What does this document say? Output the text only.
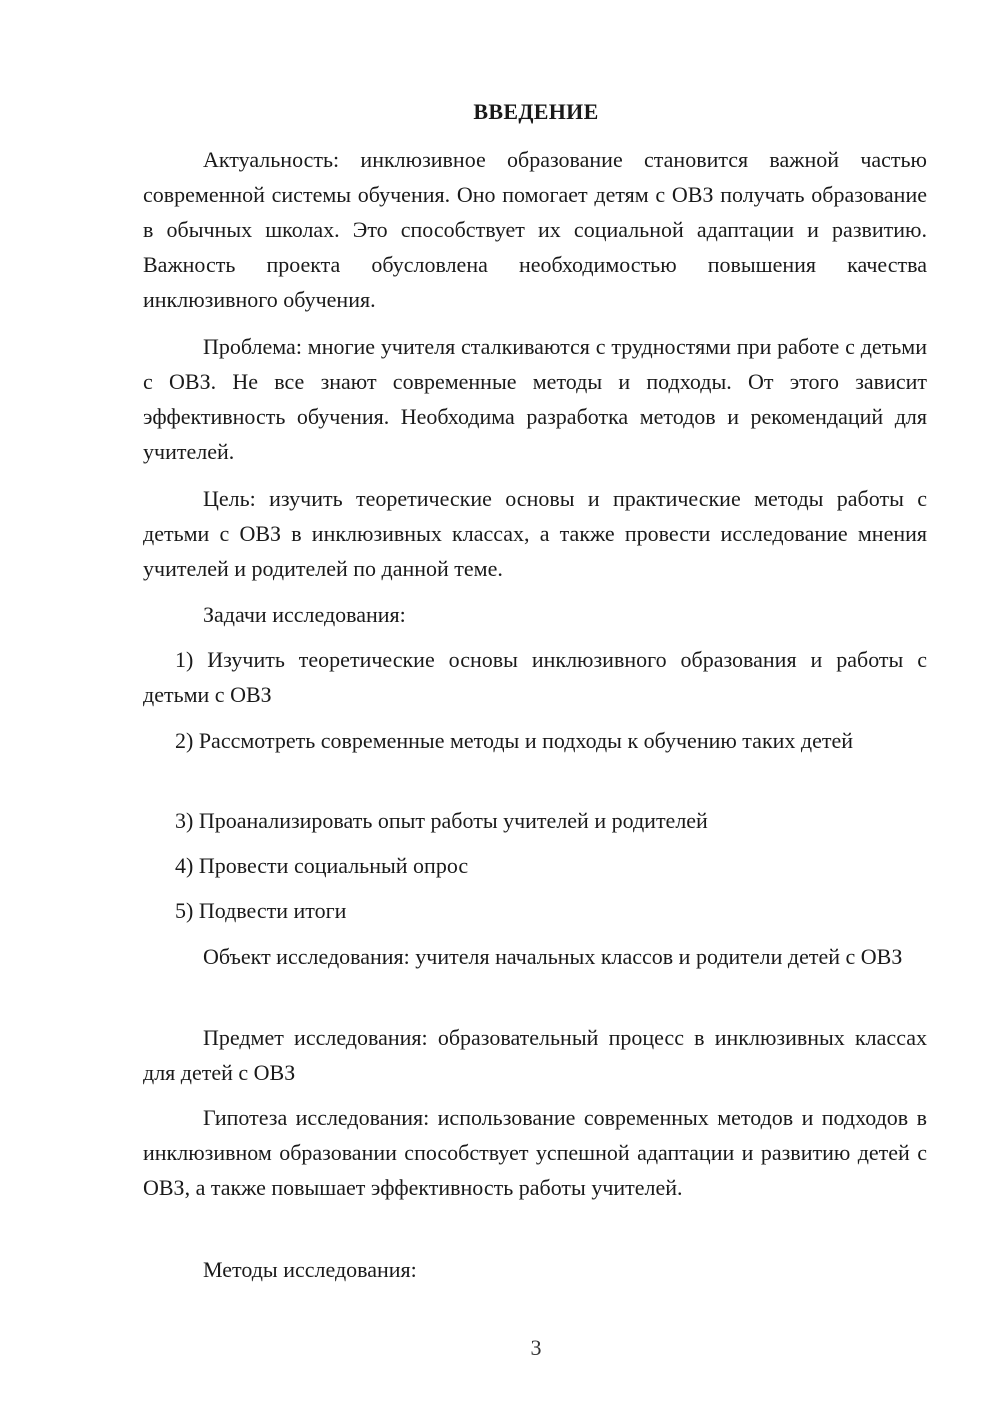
ВВЕДЕНИЕ

Актуальность: инклюзивное образование становится важной частью современной системы обучения. Оно помогает детям с ОВЗ получать образование в обычных школах. Это способствует их социальной адаптации и развитию. Важность проекта обусловлена необходимостью повышения качества инклюзивного обучения.

Проблема: многие учителя сталкиваются с трудностями при работе с детьми с ОВЗ. Не все знают современные методы и подходы. От этого зависит эффективность обучения. Необходима разработка методов и рекомендаций для учителей.

Цель: изучить теоретические основы и практические методы работы с детьми с ОВЗ в инклюзивных классах, а также провести исследование мнения учителей и родителей по данной теме.

Задачи исследования:

1) Изучить теоретические основы инклюзивного образования и работы с детьми с ОВЗ

2) Рассмотреть современные методы и подходы к обучению таких детей

3) Проанализировать опыт работы учителей и родителей

4) Провести социальный опрос

5) Подвести итоги

Объект исследования: учителя начальных классов и родители детей с ОВЗ

Предмет исследования: образовательный процесс в инклюзивных классах для детей с ОВЗ

Гипотеза исследования: использование современных методов и подходов в инклюзивном образовании способствует успешной адаптации и развитию детей с ОВЗ, а также повышает эффективность работы учителей.

Методы исследования:

3
